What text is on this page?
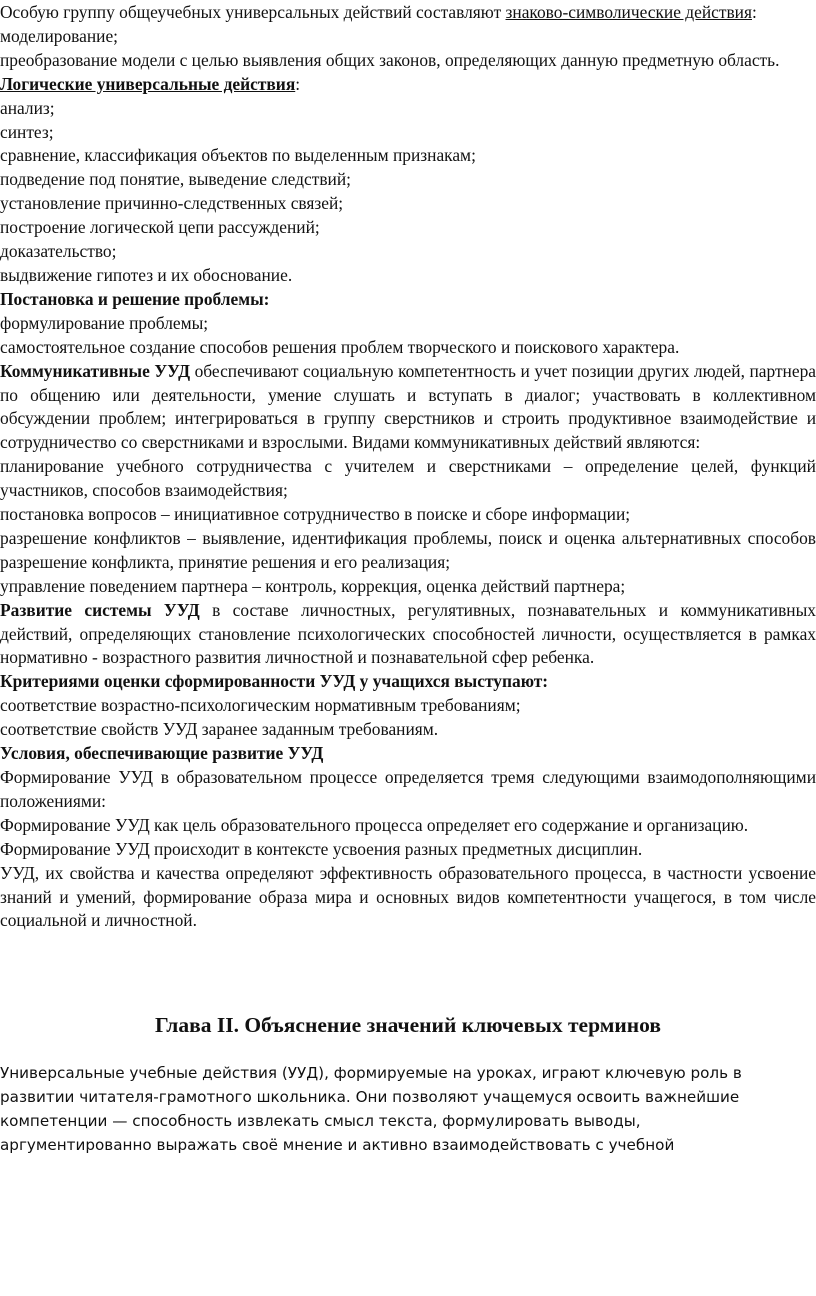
Особую группу общеучебных универсальных действий составляют знаково-символические действия:

моделирование;

преобразование модели с целью выявления общих законов, определяющих данную предметную область.

Логические универсальные действия:

анализ;

синтез;

сравнение, классификация объектов по выделенным признакам;

подведение под понятие, выведение следствий;

установление причинно-следственных связей;

построение логической цепи рассуждений;

доказательство;

выдвижение гипотез и их обоснование.

Постановка и решение проблемы:

формулирование проблемы;

самостоятельное создание способов решения проблем творческого и поискового характера.

Коммуникативные УУД обеспечивают социальную компетентность и учет позиции других людей, партнера по общению или деятельности, умение слушать и вступать в диалог; участвовать в коллективном обсуждении проблем; интегрироваться в группу сверстников и строить продуктивное взаимодействие и сотрудничество со сверстниками и взрослыми. Видами коммуникативных действий являются:

планирование учебного сотрудничества с учителем и сверстниками – определение целей, функций участников, способов взаимодействия;

постановка вопросов – инициативное сотрудничество в поиске и сборе информации;

разрешение конфликтов – выявление, идентификация проблемы, поиск и оценка альтернативных способов разрешение конфликта, принятие решения и его реализация;

управление поведением партнера – контроль, коррекция, оценка действий партнера;

Развитие системы УУД в составе личностных, регулятивных, познавательных и коммуникативных действий, определяющих становление психологических способностей личности, осуществляется в рамках нормативно - возрастного развития личностной и познавательной сфер ребенка.

Критериями оценки сформированности УУД у учащихся выступают:

соответствие возрастно-психологическим нормативным требованиям;

соответствие свойств УУД заранее заданным требованиям.

Условия, обеспечивающие развитие УУД

Формирование УУД в образовательном процессе определяется тремя следующими взаимодополняющими положениями:

Формирование УУД как цель образовательного процесса определяет его содержание и организацию.

Формирование УУД происходит в контексте усвоения разных предметных дисциплин.

УУД, их свойства и качества определяют эффективность образовательного процесса, в частности усвоение знаний и умений, формирование образа мира и основных видов компетентности учащегося, в том числе социальной и личностной.

Глава II. Объяснение значений ключевых терминов

Универсальные учебные действия (УУД), формируемые на уроках, играют ключевую роль в

развитии читателя-грамотного школьника. Они позволяют учащемуся освоить важнейшие

компетенции — способность извлекать смысл текста, формулировать выводы,

аргументированно выражать своё мнение и активно взаимодействовать с учебной
